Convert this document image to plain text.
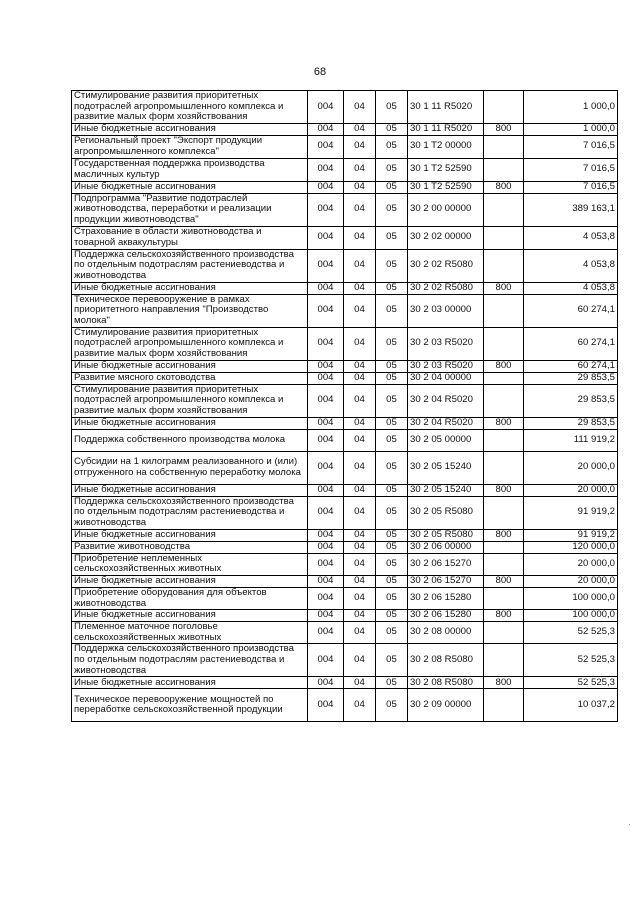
68
Стимулирование развития приоритетных подотраслей агропромышленного комплекса и развитие малых форм хозяйствования	004	04	05	30 1 11 R5020		1 000,0
Иные бюджетные ассигнования	004	04	05	30 1 11 R5020	800	1 000,0
Региональный проект "Экспорт продукции агропромышленного комплекса"	004	04	05	30 1 T2 00000		7 016,5
Государственная поддержка производства масличных культур	004	04	05	30 1 T2 52590		7 016,5
Иные бюджетные ассигнования	004	04	05	30 1 T2 52590	800	7 016,5
Подпрограмма "Развитие подотраслей животноводства, переработки и реализации продукции животноводства"	004	04	05	30 2 00 00000		389 163,1
Страхование в области животноводства и товарной аквакультуры	004	04	05	30 2 02 00000		4 053,8
Поддержка сельскохозяйственного производства по отдельным подотраслям растениеводства и животноводства	004	04	05	30 2 02 R5080		4 053,8
Иные бюджетные ассигнования	004	04	05	30 2 02 R5080	800	4 053,8
Техническое перевооружение в рамках приоритетного направления "Производство молока"	004	04	05	30 2 03 00000		60 274,1
Стимулирование развития приоритетных подотраслей агропромышленного комплекса и развитие малых форм хозяйствования	004	04	05	30 2 03 R5020		60 274,1
Иные бюджетные ассигнования	004	04	05	30 2 03 R5020	800	60 274,1
Развитие мясного скотоводства	004	04	05	30 2 04 00000		29 853,5
Стимулирование развития приоритетных подотраслей агропромышленного комплекса и развитие малых форм хозяйствования	004	04	05	30 2 04 R5020		29 853,5
Иные бюджетные ассигнования	004	04	05	30 2 04 R5020	800	29 853,5
Поддержка собственного производства молока	004	04	05	30 2 05 00000		111 919,2
Субсидии на 1 килограмм реализованного и (или) отгруженного на собственную переработку молока	004	04	05	30 2 05 15240		20 000,0
Иные бюджетные ассигнования	004	04	05	30 2 05 15240	800	20 000,0
Поддержка сельскохозяйственного производства по отдельным подотраслям растениеводства и животноводства	004	04	05	30 2 05 R5080		91 919,2
Иные бюджетные ассигнования	004	04	05	30 2 05 R5080	800	91 919,2
Развитие животноводства	004	04	05	30 2 06 00000		120 000,0
Приобретение неплеменных сельскохозяйственных животных	004	04	05	30 2 06 15270		20 000,0
Иные бюджетные ассигнования	004	04	05	30 2 06 15270	800	20 000,0
Приобретение оборудования для объектов животноводства	004	04	05	30 2 06 15280		100 000,0
Иные бюджетные ассигнования	004	04	05	30 2 06 15280	800	100 000,0
Племенное маточное поголовье сельскохозяйственных животных	004	04	05	30 2 08 00000		52 525,3
Поддержка сельскохозяйственного производства по отдельным подотраслям растениеводства и животноводства	004	04	05	30 2 08 R5080		52 525,3
Иные бюджетные ассигнования	004	04	05	30 2 08 R5080	800	52 525,3
Техническое перевооружение мощностей по переработке сельскохозяйственной продукции	004	04	05	30 2 09 00000		10 037,2
·
